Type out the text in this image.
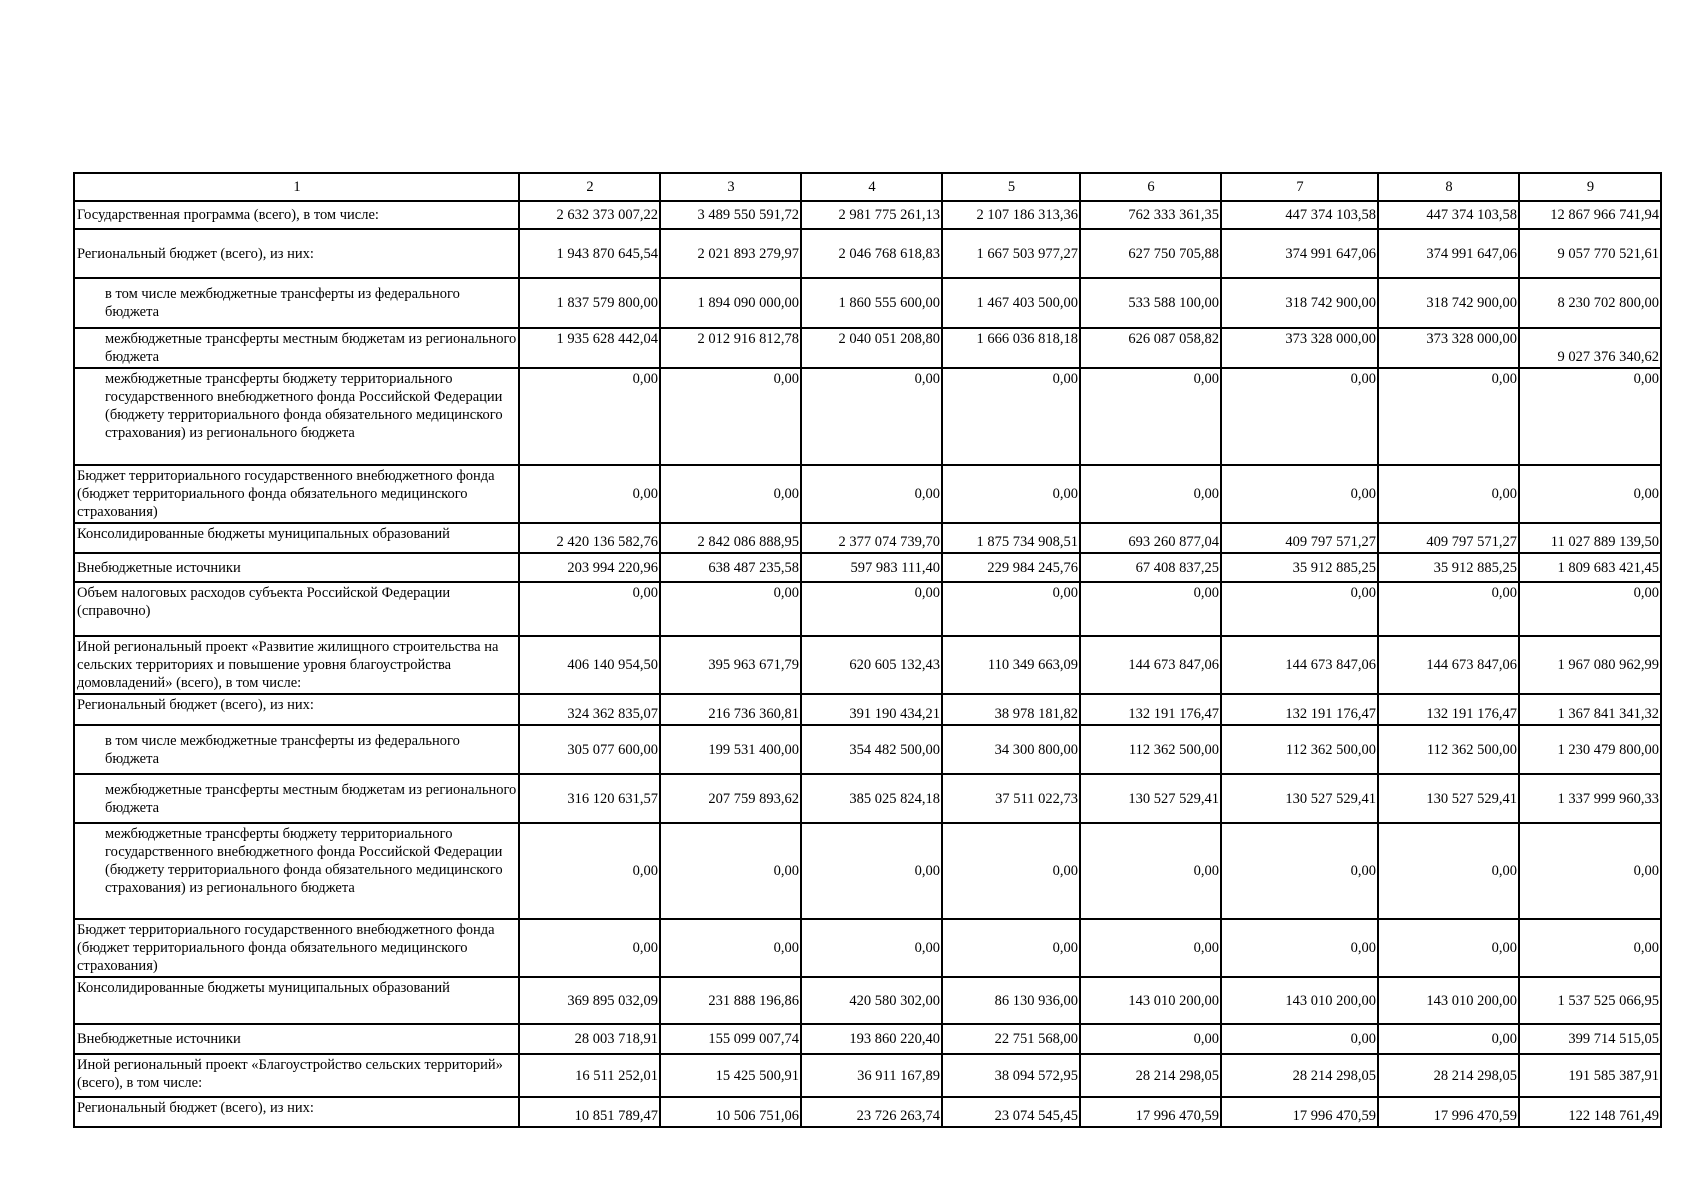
1	2	3	4	5	6	7	8	9
Государственная программа (всего), в том числе:	2 632 373 007,22	3 489 550 591,72	2 981 775 261,13	2 107 186 313,36	762 333 361,35	447 374 103,58	447 374 103,58	12 867 966 741,94
Региональный бюджет (всего), из них:	1 943 870 645,54	2 021 893 279,97	2 046 768 618,83	1 667 503 977,27	627 750 705,88	374 991 647,06	374 991 647,06	9 057 770 521,61
в том числе межбюджетные трансферты из федерального бюджета	1 837 579 800,00	1 894 090 000,00	1 860 555 600,00	1 467 403 500,00	533 588 100,00	318 742 900,00	318 742 900,00	8 230 702 800,00
межбюджетные трансферты местным бюджетам из регионального бюджета	1 935 628 442,04	2 012 916 812,78	2 040 051 208,80	1 666 036 818,18	626 087 058,82	373 328 000,00	373 328 000,00	9 027 376 340,62
межбюджетные трансферты бюджету территориального государственного внебюджетного фонда Российской Федерации (бюджету территориального фонда обязательного медицинского страхования) из регионального бюджета	0,00	0,00	0,00	0,00	0,00	0,00	0,00	0,00
Бюджет территориального государственного внебюджетного фонда (бюджет территориального фонда обязательного медицинского страхования)	0,00	0,00	0,00	0,00	0,00	0,00	0,00	0,00
Консолидированные бюджеты муниципальных образований	2 420 136 582,76	2 842 086 888,95	2 377 074 739,70	1 875 734 908,51	693 260 877,04	409 797 571,27	409 797 571,27	11 027 889 139,50
Внебюджетные источники	203 994 220,96	638 487 235,58	597 983 111,40	229 984 245,76	67 408 837,25	35 912 885,25	35 912 885,25	1 809 683 421,45
Объем налоговых расходов субъекта Российской Федерации (справочно)	0,00	0,00	0,00	0,00	0,00	0,00	0,00	0,00
Иной региональный проект «Развитие жилищного строительства на сельских территориях и повышение уровня благоустройства домовладений» (всего), в том числе:	406 140 954,50	395 963 671,79	620 605 132,43	110 349 663,09	144 673 847,06	144 673 847,06	144 673 847,06	1 967 080 962,99
Региональный бюджет (всего), из них:	324 362 835,07	216 736 360,81	391 190 434,21	38 978 181,82	132 191 176,47	132 191 176,47	132 191 176,47	1 367 841 341,32
в том числе межбюджетные трансферты из федерального бюджета	305 077 600,00	199 531 400,00	354 482 500,00	34 300 800,00	112 362 500,00	112 362 500,00	112 362 500,00	1 230 479 800,00
межбюджетные трансферты местным бюджетам из регионального бюджета	316 120 631,57	207 759 893,62	385 025 824,18	37 511 022,73	130 527 529,41	130 527 529,41	130 527 529,41	1 337 999 960,33
межбюджетные трансферты бюджету территориального государственного внебюджетного фонда Российской Федерации (бюджету территориального фонда обязательного медицинского страхования) из регионального бюджета	0,00	0,00	0,00	0,00	0,00	0,00	0,00	0,00
Бюджет территориального государственного внебюджетного фонда (бюджет территориального фонда обязательного медицинского страхования)	0,00	0,00	0,00	0,00	0,00	0,00	0,00	0,00
Консолидированные бюджеты муниципальных образований	369 895 032,09	231 888 196,86	420 580 302,00	86 130 936,00	143 010 200,00	143 010 200,00	143 010 200,00	1 537 525 066,95
Внебюджетные источники	28 003 718,91	155 099 007,74	193 860 220,40	22 751 568,00	0,00	0,00	0,00	399 714 515,05
Иной региональный проект «Благоустройство сельских территорий» (всего), в том числе:	16 511 252,01	15 425 500,91	36 911 167,89	38 094 572,95	28 214 298,05	28 214 298,05	28 214 298,05	191 585 387,91
Региональный бюджет (всего), из них:	10 851 789,47	10 506 751,06	23 726 263,74	23 074 545,45	17 996 470,59	17 996 470,59	17 996 470,59	122 148 761,49
